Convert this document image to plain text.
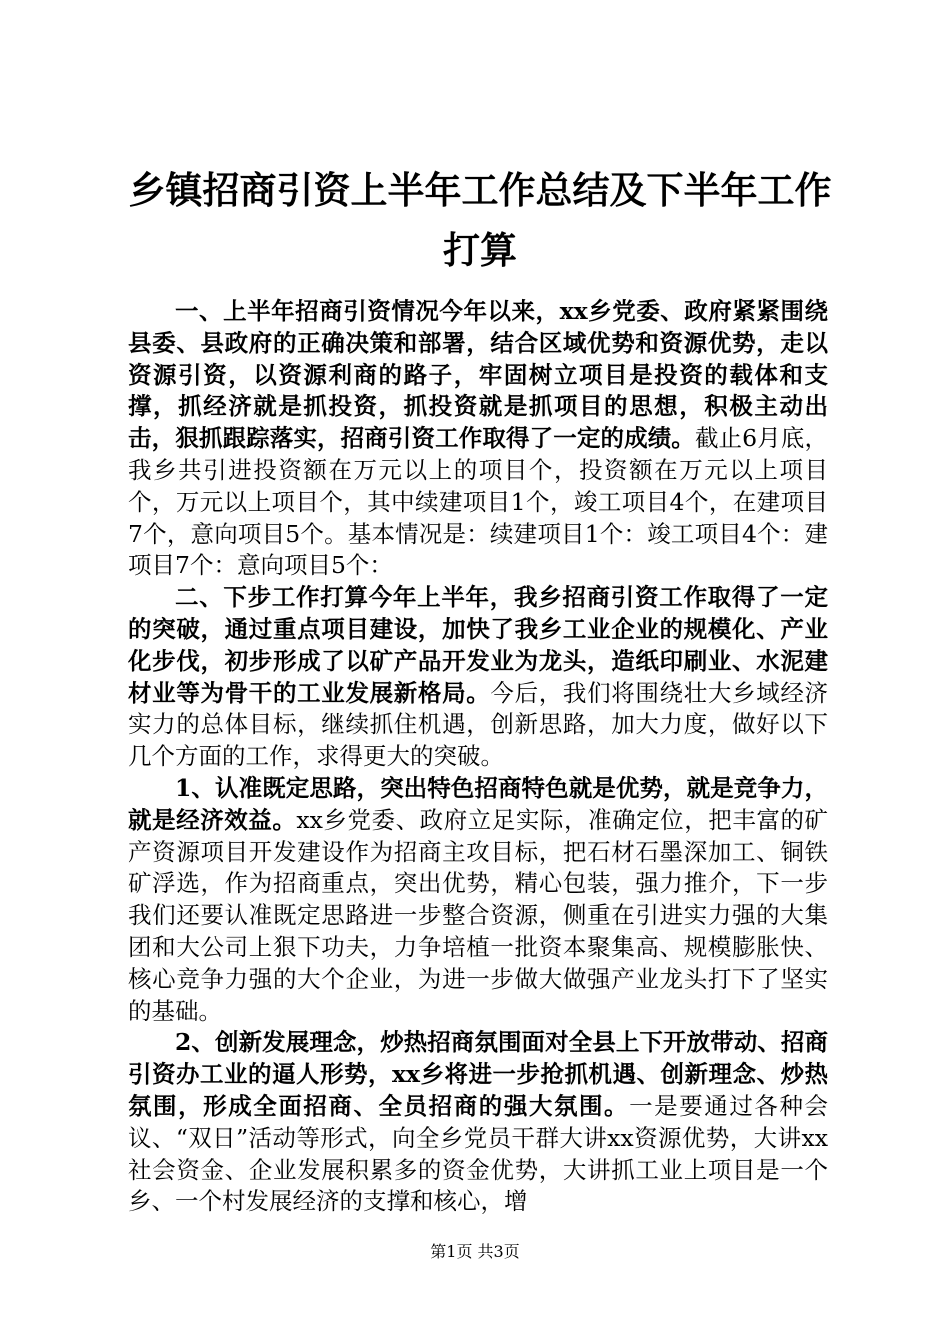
乡镇招商引资上半年工作总结及下半年工作打算

一、上半年招商引资情况今年以来，xx乡党委、政府紧紧围绕县委、县政府的正确决策和部署，结合区域优势和资源优势，走以资源引资，以资源利商的路子，牢固树立项目是投资的载体和支撑，抓经济就是抓投资，抓投资就是抓项目的思想，积极主动出击，狠抓跟踪落实，招商引资工作取得了一定的成绩。截止6月底，我乡共引进投资额在万元以上的项目个，投资额在万元以上项目个，万元以上项目个，其中续建项目1个，竣工项目4个，在建项目7个，意向项目5个。基本情况是：续建项目1个：竣工项目4个：建项目7个：意向项目5个：

二、下步工作打算今年上半年，我乡招商引资工作取得了一定的突破，通过重点项目建设，加快了我乡工业企业的规模化、产业化步伐，初步形成了以矿产品开发业为龙头，造纸印刷业、水泥建材业等为骨干的工业发展新格局。今后，我们将围绕壮大乡域经济实力的总体目标，继续抓住机遇，创新思路，加大力度，做好以下几个方面的工作，求得更大的突破。

1、认准既定思路，突出特色招商特色就是优势，就是竞争力，就是经济效益。xx乡党委、政府立足实际，准确定位，把丰富的矿产资源项目开发建设作为招商主攻目标，把石材石墨深加工、铜铁矿浮选，作为招商重点，突出优势，精心包装，强力推介，下一步我们还要认准既定思路进一步整合资源，侧重在引进实力强的大集团和大公司上狠下功夫，力争培植一批资本聚集高、规模膨胀快、核心竞争力强的大个企业，为进一步做大做强产业龙头打下了坚实的基础。

2、创新发展理念，炒热招商氛围面对全县上下开放带动、招商引资办工业的逼人形势，xx乡将进一步抢抓机遇、创新理念、炒热氛围，形成全面招商、全员招商的强大氛围。一是要通过各种会议、“双日”活动等形式，向全乡党员干群大讲xx资源优势，大讲xx社会资金、企业发展积累多的资金优势，大讲抓工业上项目是一个乡、一个村发展经济的支撑和核心，增

第1页 共3页
